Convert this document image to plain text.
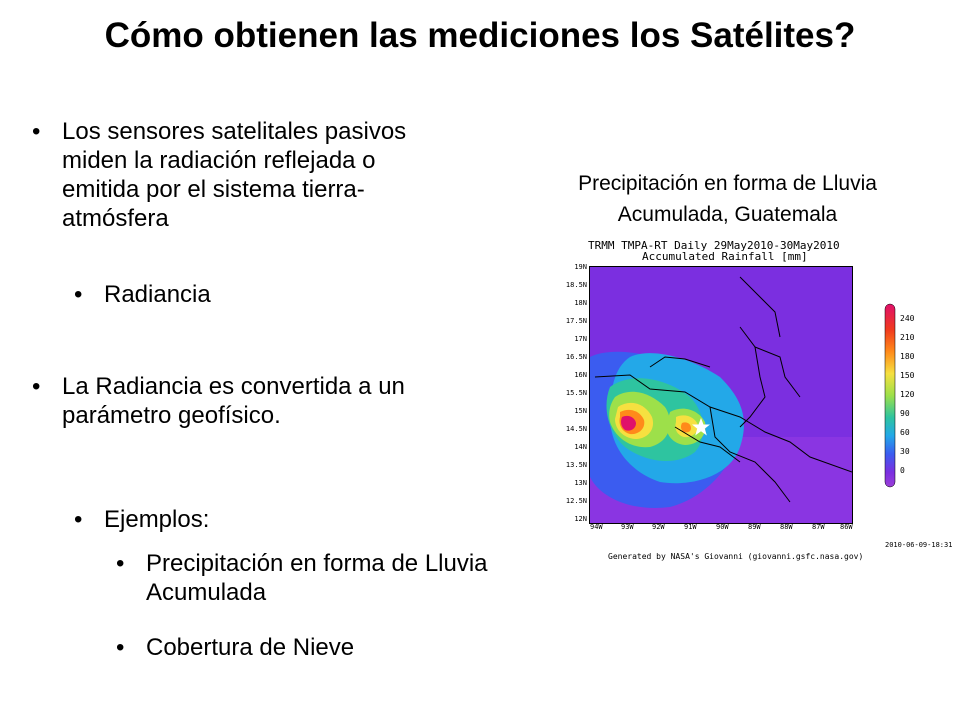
Cómo obtienen las mediciones los Satélites?
• Los sensores satelitales pasivos miden la radiación reflejada o emitida por el sistema tierra-atmósfera
• Radiancia
• La Radiancia es convertida a un parámetro geofísico.
• Ejemplos:
• Precipitación en forma de Lluvia Acumulada
• Cobertura de Nieve
Precipitación en forma de Lluvia Acumulada, Guatemala
TRMM TMPA-RT Daily 29May2010-30May2010
Accumulated Rainfall [mm]
19N
18.5N
18N
17.5N
17N
16.5N
16N
15.5N
15N
14.5N
14N
13.5N
13N
12.5N
12N
94W	93W	92W	91W	90W	89W	88W	87W 86W
240
210
180
150
120
90
60
30
0
2010-06-09-18:31
Generated by NASA's Giovanni (giovanni.gsfc.nasa.gov)
